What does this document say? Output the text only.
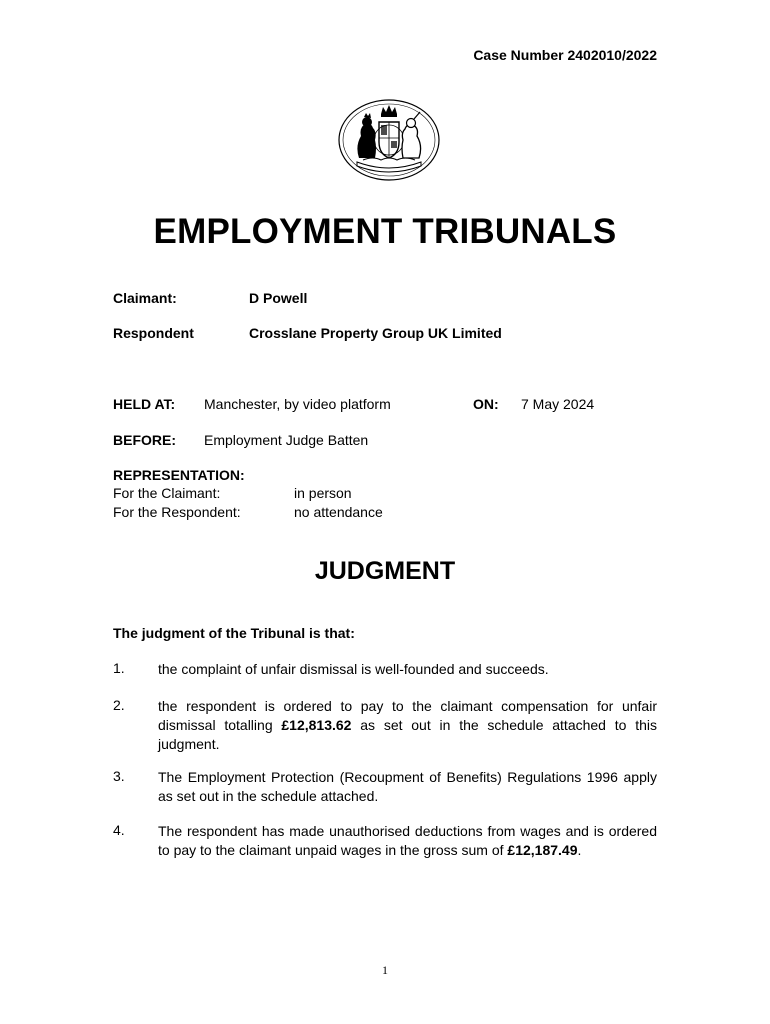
Case Number 2402010/2022
EMPLOYMENT TRIBUNALS
Claimant:	D Powell
Respondent	Crosslane Property Group UK Limited
HELD AT: Manchester, by video platform	ON: 7 May 2024
BEFORE: Employment Judge Batten
REPRESENTATION:
For the Claimant:	in person
For the Respondent:	no attendance
JUDGMENT
The judgment of the Tribunal is that:
1. the complaint of unfair dismissal is well-founded and succeeds.
2. the respondent is ordered to pay to the claimant compensation for unfair dismissal totalling £12,813.62 as set out in the schedule attached to this judgment.
3. The Employment Protection (Recoupment of Benefits) Regulations 1996 apply as set out in the schedule attached.
4. The respondent has made unauthorised deductions from wages and is ordered to pay to the claimant unpaid wages in the gross sum of £12,187.49.
1
